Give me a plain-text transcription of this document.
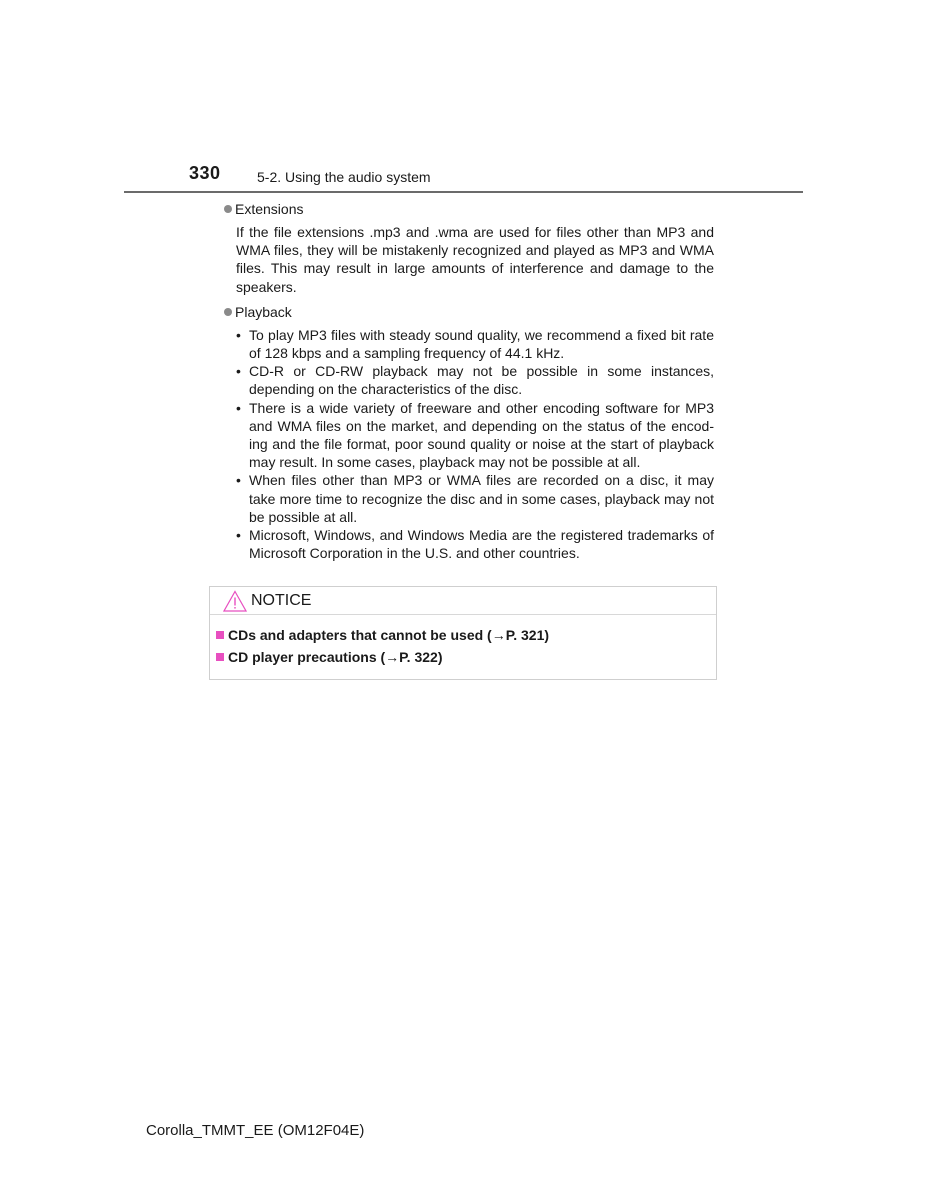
330	5-2. Using the audio system
Extensions

If the file extensions .mp3 and .wma are used for files other than MP3 and WMA files, they will be mistakenly recognized and played as MP3 and WMA files. This may result in large amounts of interference and damage to the speakers.

Playback
• To play MP3 files with steady sound quality, we recommend a fixed bit rate of 128 kbps and a sampling frequency of 44.1 kHz.
• CD-R or CD-RW playback may not be possible in some instances, depending on the characteristics of the disc.
• There is a wide variety of freeware and other encoding software for MP3 and WMA files on the market, and depending on the status of the encod-ing and the file format, poor sound quality or noise at the start of playback may result. In some cases, playback may not be possible at all.
• When files other than MP3 or WMA files are recorded on a disc, it may take more time to recognize the disc and in some cases, playback may not be possible at all.
• Microsoft, Windows, and Windows Media are the registered trademarks of Microsoft Corporation in the U.S. and other countries.
NOTICE
CDs and adapters that cannot be used (→P. 321)
CD player precautions (→P. 322)
Corolla_TMMT_EE (OM12F04E)
